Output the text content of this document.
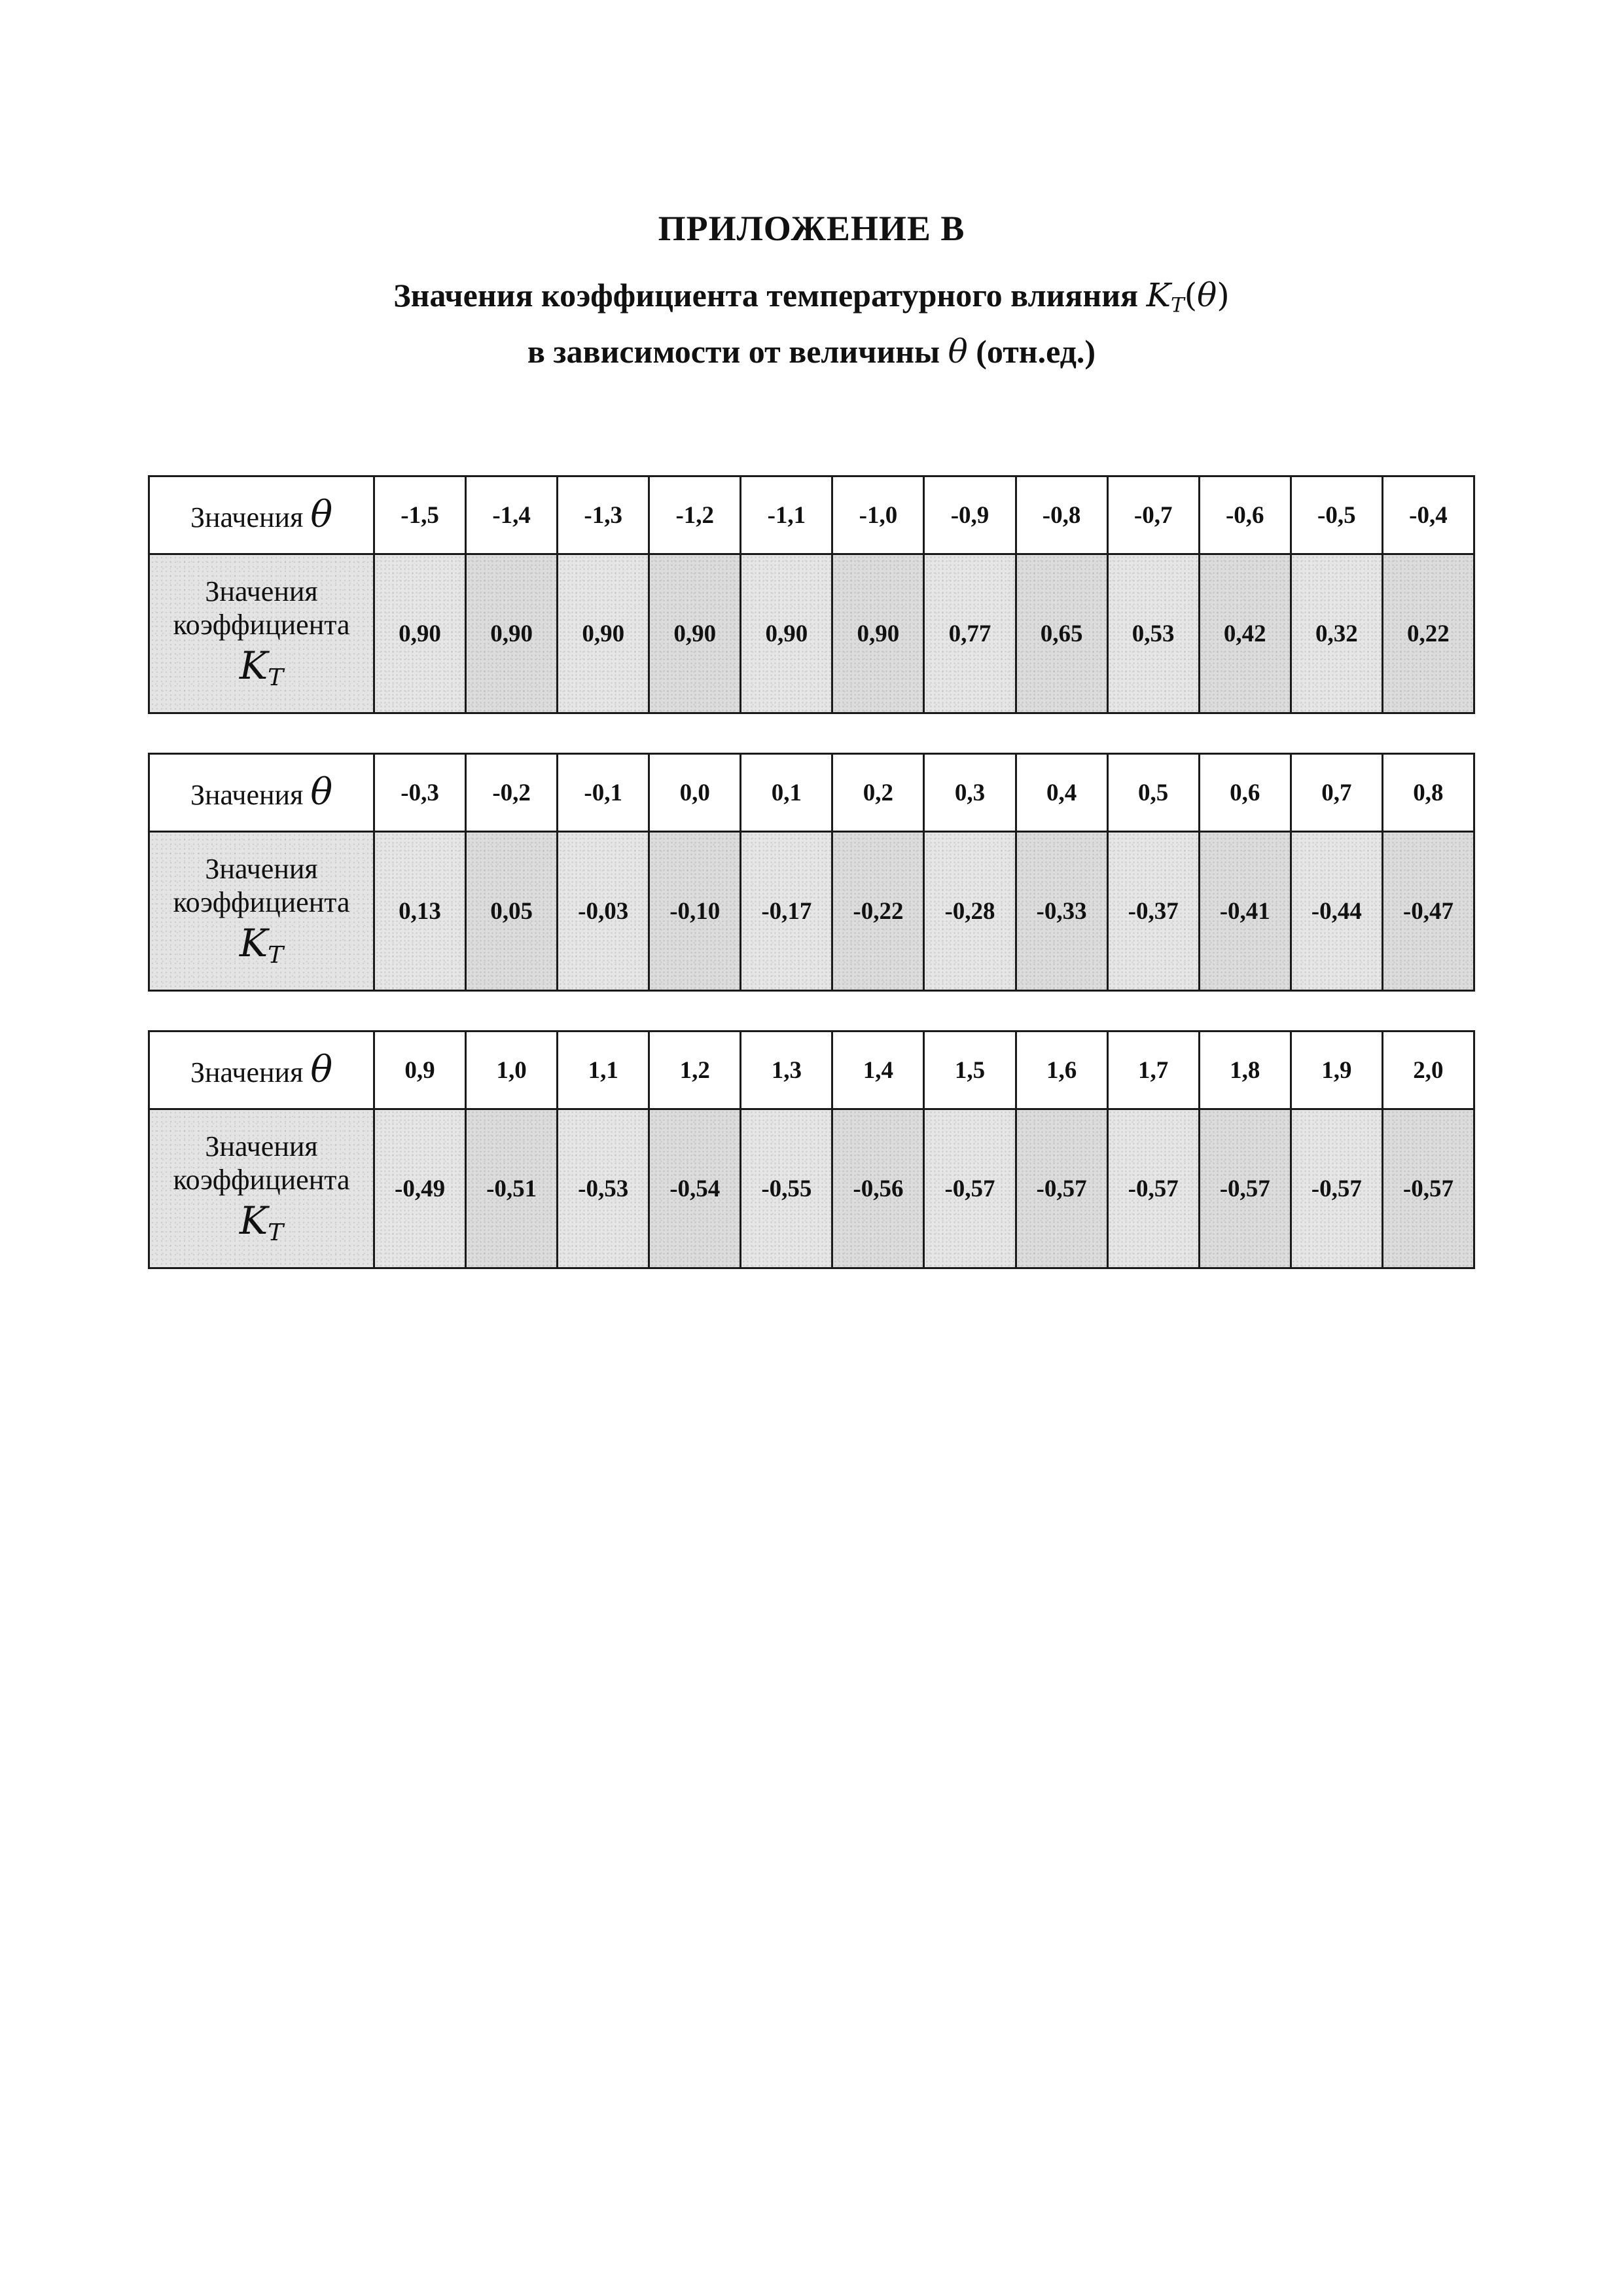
ПРИЛОЖЕНИЕ В
Значения коэффициента температурного влияния $K_T(\theta)$
в зависимости от величины θ (отн.ед.)
Значения θ	-1,5	-1,4	-1,3	-1,2	-1,1	-1,0	-0,9	-0,8	-0,7	-0,6	-0,5	-0,4

Значения
коэффициента
$K_T$	0,90	0,90	0,90	0,90	0,90	0,90	0,77	0,65	0,53	0,42	0,32	0,22
Значения θ	-0,3	-0,2	-0,1	0,0	0,1	0,2	0,3	0,4	0,5	0,6	0,7	0,8

Значения
коэффициента
$K_T$	0,13	0,05	-0,03	-0,10	-0,17	-0,22	-0,28	-0,33	-0,37	-0,41	-0,44	-0,47
Значения θ	0,9	1,0	1,1	1,2	1,3	1,4	1,5	1,6	1,7	1,8	1,9	2,0

Значения
коэффициента
$K_T$	-0,49	-0,51	-0,53	-0,54	-0,55	-0,56	-0,57	-0,57	-0,57	-0,57	-0,57	-0,57
